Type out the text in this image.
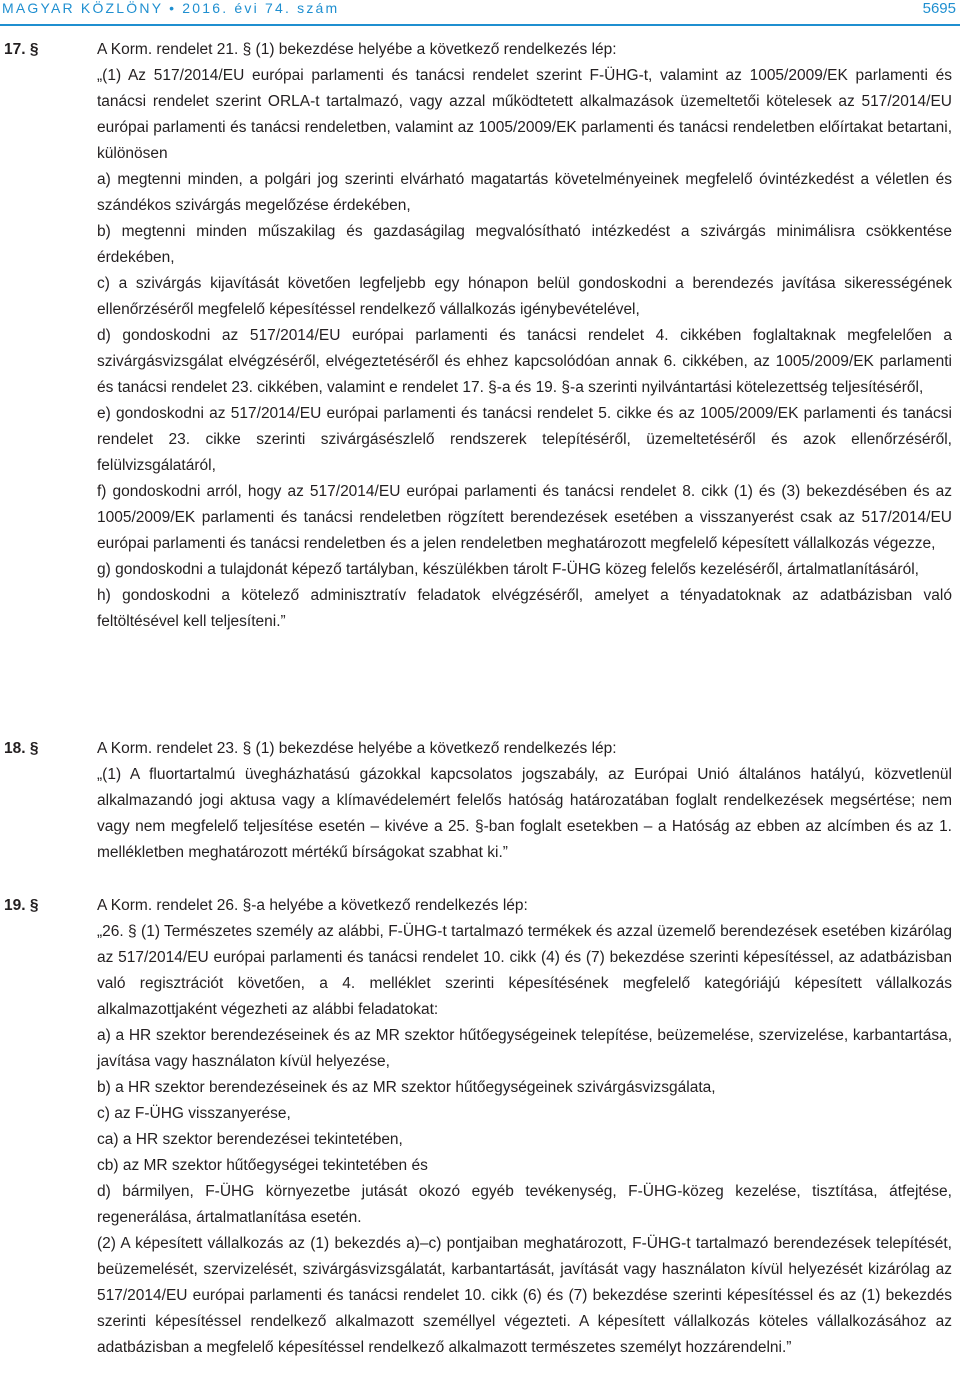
MAGYAR KÖZLÖNY • 2016. évi 74. szám	5695
17. §	A Korm. rendelet 21. § (1) bekezdése helyébe a következő rendelkezés lép:

„(1) Az 517/2014/EU európai parlamenti és tanácsi rendelet szerint F-ÜHG-t, valamint az 1005/2009/EK parlamenti és tanácsi rendelet szerint ORLA-t tartalmazó, vagy azzal működtetett alkalmazások üzemeltetői kötelesek az 517/2014/EU európai parlamenti és tanácsi rendeletben, valamint az 1005/2009/EK parlamenti és tanácsi rendeletben előírtakat betartani, különösen

a) megtenni minden, a polgári jog szerinti elvárható magatartás követelményeinek megfelelő óvintézkedést a véletlen és szándékos szivárgás megelőzése érdekében,

b) megtenni minden műszakilag és gazdaságilag megvalósítható intézkedést a szivárgás minimálisra csökkentése érdekében,

c) a szivárgás kijavítását követően legfeljebb egy hónapon belül gondoskodni a berendezés javítása sikerességének ellenőrzéséről megfelelő képesítéssel rendelkező vállalkozás igénybevételével,

d) gondoskodni az 517/2014/EU európai parlamenti és tanácsi rendelet 4. cikkében foglaltaknak megfelelően a szivárgásvizsgálat elvégzéséről, elvégeztetéséről és ehhez kapcsolódóan annak 6. cikkében, az 1005/2009/EK parlamenti és tanácsi rendelet 23. cikkében, valamint e rendelet 17. §-a és 19. §-a szerinti nyilvántartási kötelezettség teljesítéséről,

e) gondoskodni az 517/2014/EU európai parlamenti és tanácsi rendelet 5. cikke és az 1005/2009/EK parlamenti és tanácsi rendelet 23. cikke szerinti szivárgásészlelő rendszerek telepítéséről, üzemeltetéséről és azok ellenőrzéséről, felülvizsgálatáról,

f) gondoskodni arról, hogy az 517/2014/EU európai parlamenti és tanácsi rendelet 8. cikk (1) és (3) bekezdésében és az 1005/2009/EK parlamenti és tanácsi rendeletben rögzített berendezések esetében a visszanyerést csak az 517/2014/EU európai parlamenti és tanácsi rendeletben és a jelen rendeletben meghatározott megfelelő képesített vállalkozás végezze,

g) gondoskodni a tulajdonát képező tartályban, készülékben tárolt F-ÜHG közeg felelős kezeléséről, ártalmatlanításáról,

h) gondoskodni a kötelező adminisztratív feladatok elvégzéséről, amelyet a tényadatoknak az adatbázisban való feltöltésével kell teljesíteni.”

18. §	A Korm. rendelet 23. § (1) bekezdése helyébe a következő rendelkezés lép:

„(1) A fluortartalmú üvegházhatású gázokkal kapcsolatos jogszabály, az Európai Unió általános hatályú, közvetlenül alkalmazandó jogi aktusa vagy a klímavédelemért felelős hatóság határozatában foglalt rendelkezések megsértése; nem vagy nem megfelelő teljesítése esetén – kivéve a 25. §-ban foglalt esetekben – a Hatóság az ebben az alcímben és az 1. mellékletben meghatározott mértékű bírságokat szabhat ki.”

19. §	A Korm. rendelet 26. §-a helyébe a következő rendelkezés lép:

„26. § (1) Természetes személy az alábbi, F-ÜHG-t tartalmazó termékek és azzal üzemelő berendezések esetében kizárólag az 517/2014/EU európai parlamenti és tanácsi rendelet 10. cikk (4) és (7) bekezdése szerinti képesítéssel, az adatbázisban való regisztrációt követően, a 4. melléklet szerinti képesítésének megfelelő kategóriájú képesített vállalkozás alkalmazottjaként végezheti az alábbi feladatokat:

a) a HR szektor berendezéseinek és az MR szektor hűtőegységeinek telepítése, beüzemelése, szervizelése, karbantartása, javítása vagy használaton kívül helyezése,

b) a HR szektor berendezéseinek és az MR szektor hűtőegységeinek szivárgásvizsgálata,

c) az F-ÜHG visszanyerése,

ca) a HR szektor berendezései tekintetében,

cb) az MR szektor hűtőegységei tekintetében és

d) bármilyen, F-ÜHG környezetbe jutását okozó egyéb tevékenység, F-ÜHG-közeg kezelése, tisztítása, átfejtése, regenerálása, ártalmatlanítása esetén.

(2) A képesített vállalkozás az (1) bekezdés a)–c) pontjaiban meghatározott, F-ÜHG-t tartalmazó berendezések telepítését, beüzemelését, szervizelését, szivárgásvizsgálatát, karbantartását, javítását vagy használaton kívül helyezését kizárólag az 517/2014/EU európai parlamenti és tanácsi rendelet 10. cikk (6) és (7) bekezdése szerinti képesítéssel és az (1) bekezdés szerinti képesítéssel rendelkező alkalmazott személlyel végezteti. A képesített vállalkozás köteles vállalkozásához az adatbázisban a megfelelő képesítéssel rendelkező alkalmazott természetes személyt hozzárendelni.”
